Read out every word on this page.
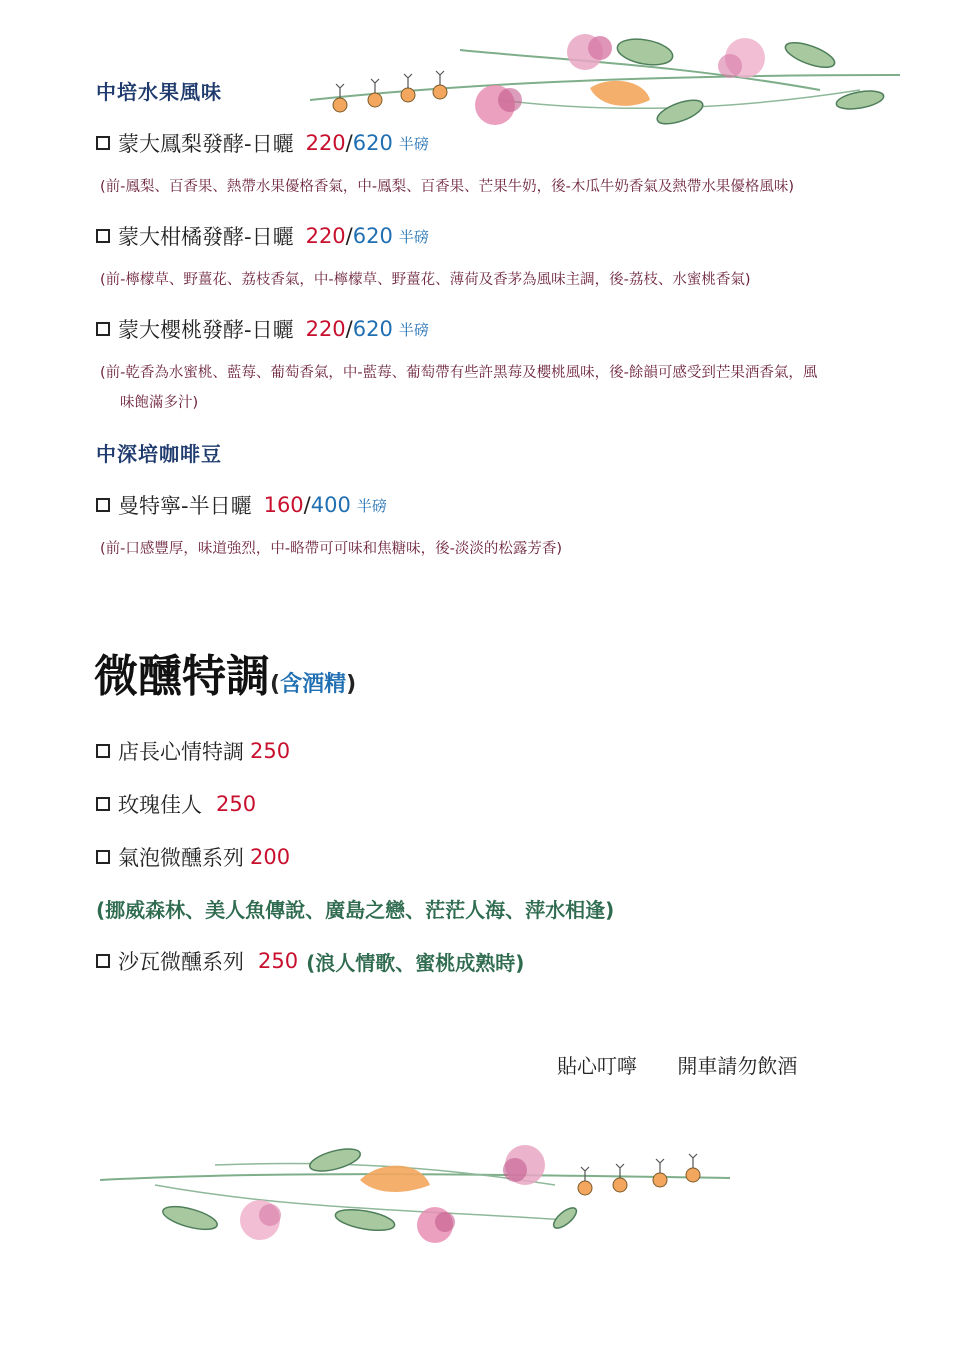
中培水果風味
蒙大鳳梨發酵-日曬 220 / 620 半磅
(前-鳳梨、百香果、熱帶水果優格香氣，中-鳳梨、百香果、芒果牛奶，後-木瓜牛奶香氣及熱帶水果優格風味)
蒙大柑橘發酵-日曬 220 / 620 半磅
(前-檸檬草、野薑花、荔枝香氣，中-檸檬草、野薑花、薄荷及香茅為風味主調，後-荔枝、水蜜桃香氣)
蒙大櫻桃發酵-日曬 220 / 620 半磅
(前-乾香為水蜜桃、藍莓、葡萄香氣，中-藍莓、葡萄帶有些許黑莓及櫻桃風味，後-餘韻可感受到芒果酒香氣，風
味飽滿多汁)
中深培咖啡豆
曼特寧-半日曬 160 / 400 半磅
(前-口感豐厚，味道強烈，中-略帶可可味和焦糖味，後-淡淡的松露芳香)
微醺特調(含酒精)
店長心情特調 250
玫瑰佳人 250
氣泡微醺系列 200
(挪威森林、美人魚傳說、廣島之戀、茫茫人海、萍水相逢)
沙瓦微醺系列 250 (浪人情歌、蜜桃成熟時)
貼心叮嚀 開車請勿飲酒
